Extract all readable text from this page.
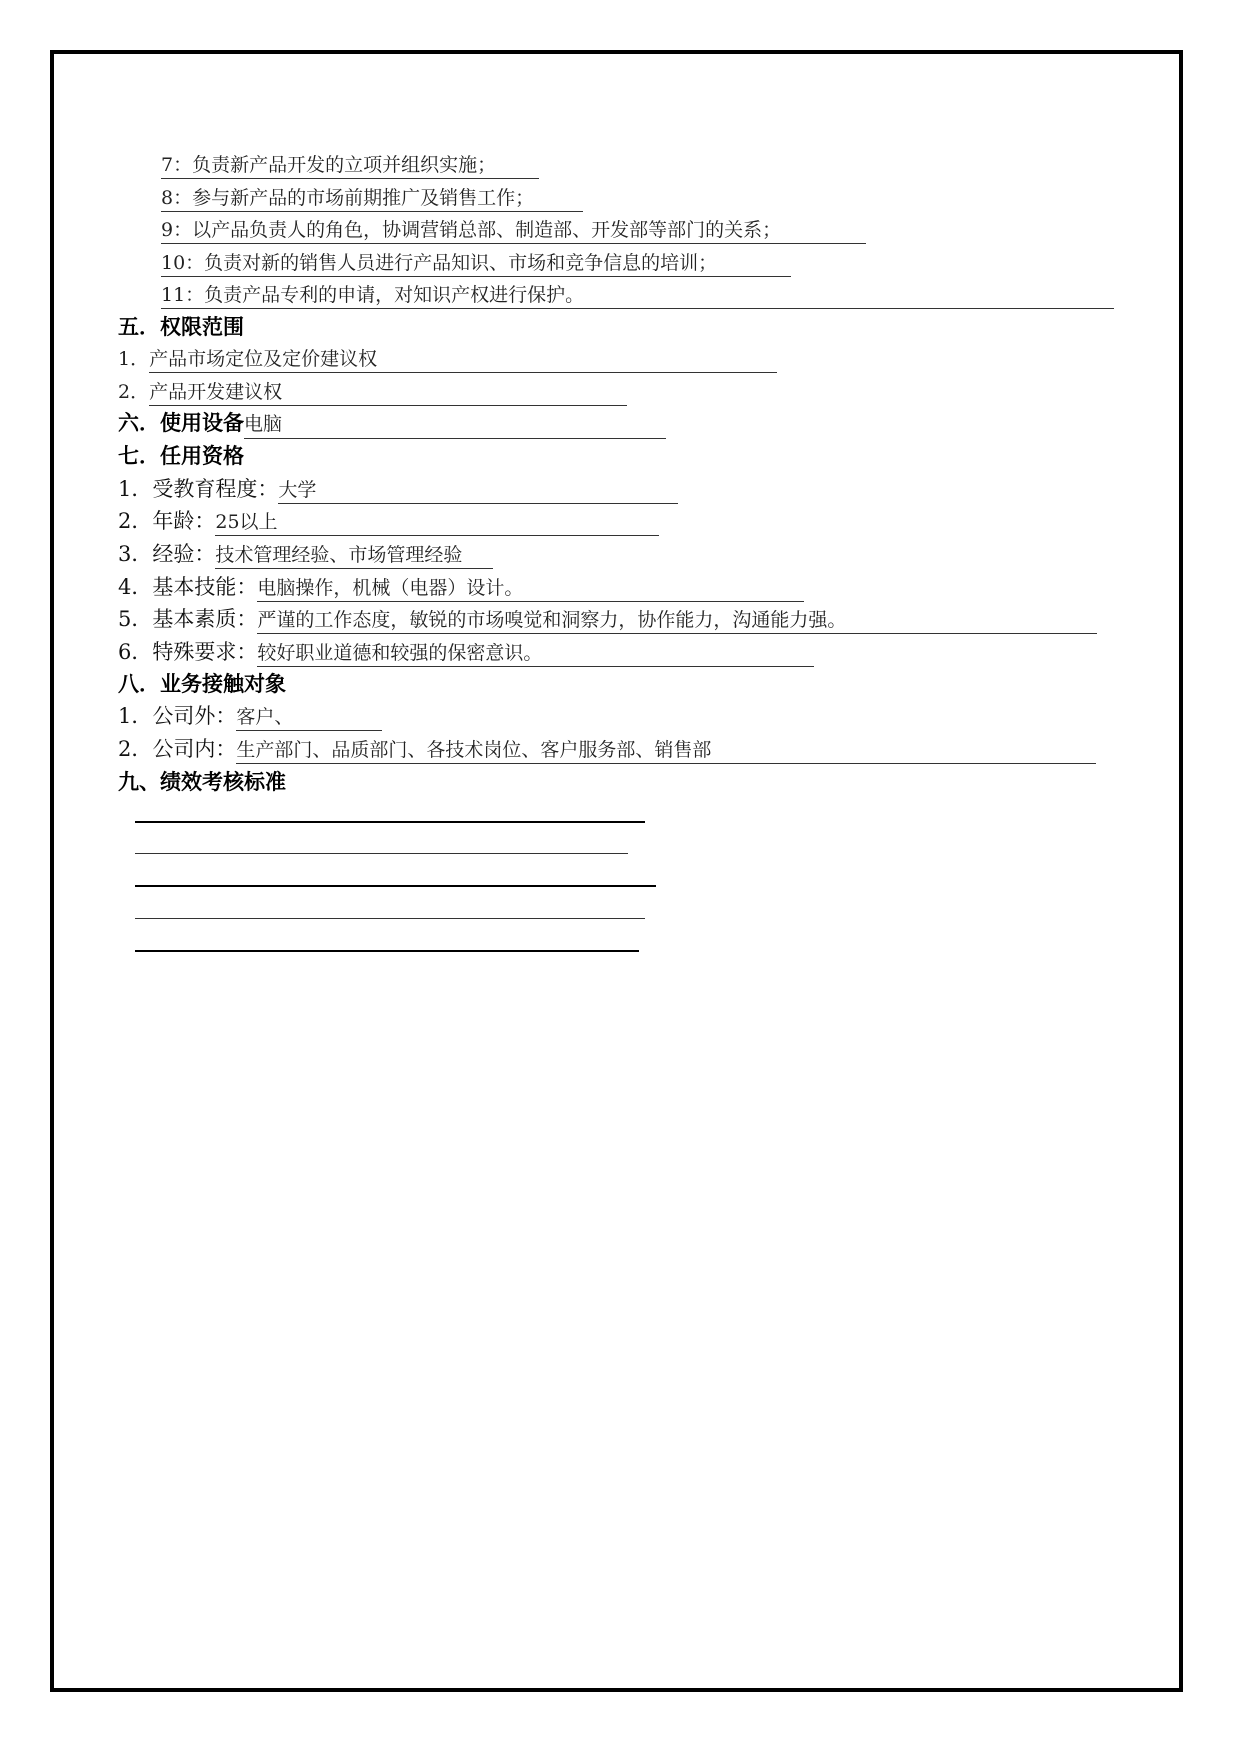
7：负责新产品开发的立项并组织实施；
8：参与新产品的市场前期推广及销售工作；
9：以产品负责人的角色，协调营销总部、制造部、开发部等部门的关系；
10：负责对新的销售人员进行产品知识、市场和竞争信息的培训；
11：负责产品专利的申请，对知识产权进行保护。
五．权限范围
1．产品市场定位及定价建议权
2．产品开发建议权
六．使用设备电脑
七．任用资格
1．受教育程度：大学
2．年龄：25以上
3．经验：技术管理经验、市场管理经验
4．基本技能：电脑操作，机械（电器）设计。
5．基本素质：严谨的工作态度，敏锐的市场嗅觉和洞察力，协作能力，沟通能力强。
6．特殊要求：较好职业道德和较强的保密意识。
八．业务接触对象
1．公司外：客户、
2．公司内：生产部门、品质部门、各技术岗位、客户服务部、销售部
九、绩效考核标准
